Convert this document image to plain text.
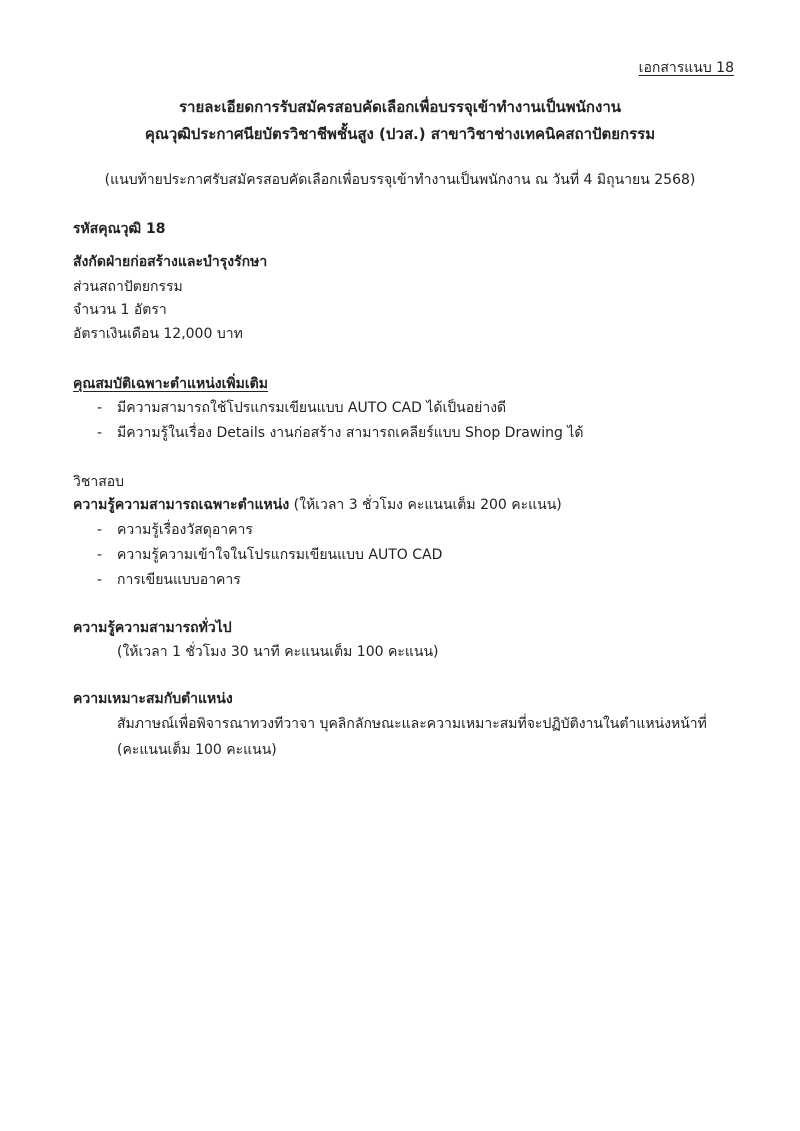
เอกสารแนบ 18
รายละเอียดการรับสมัครสอบคัดเลือกเพื่อบรรจุเข้าทำงานเป็นพนักงาน
คุณวุฒิประกาศนียบัตรวิชาชีพชั้นสูง (ปวส.) สาขาวิชาช่างเทคนิคสถาปัตยกรรม
(แนบท้ายประกาศรับสมัครสอบคัดเลือกเพื่อบรรจุเข้าทำงานเป็นพนักงาน ณ วันที่ 4 มิถุนายน 2568)
รหัสคุณวุฒิ 18
สังกัดฝ่ายก่อสร้างและบำรุงรักษา
ส่วนสถาปัตยกรรม
จำนวน 1 อัตรา
อัตราเงินเดือน 12,000 บาท
คุณสมบัติเฉพาะตำแหน่งเพิ่มเติม
- มีความสามารถใช้โปรแกรมเขียนแบบ AUTO CAD ได้เป็นอย่างดี
- มีความรู้ในเรื่อง Details งานก่อสร้าง สามารถเคลียร์แบบ Shop Drawing ได้
วิชาสอบ
ความรู้ความสามารถเฉพาะตำแหน่ง (ให้เวลา 3 ชั่วโมง คะแนนเต็ม 200 คะแนน)
- ความรู้เรื่องวัสดุอาคาร
- ความรู้ความเข้าใจในโปรแกรมเขียนแบบ AUTO CAD
- การเขียนแบบอาคาร
ความรู้ความสามารถทั่วไป
(ให้เวลา 1 ชั่วโมง 30 นาที คะแนนเต็ม 100 คะแนน)
ความเหมาะสมกับตำแหน่ง
สัมภาษณ์เพื่อพิจารณาทวงทีวาจา บุคลิกลักษณะและความเหมาะสมที่จะปฏิบัติงานในตำแหน่งหน้าที่
(คะแนนเต็ม 100 คะแนน)
